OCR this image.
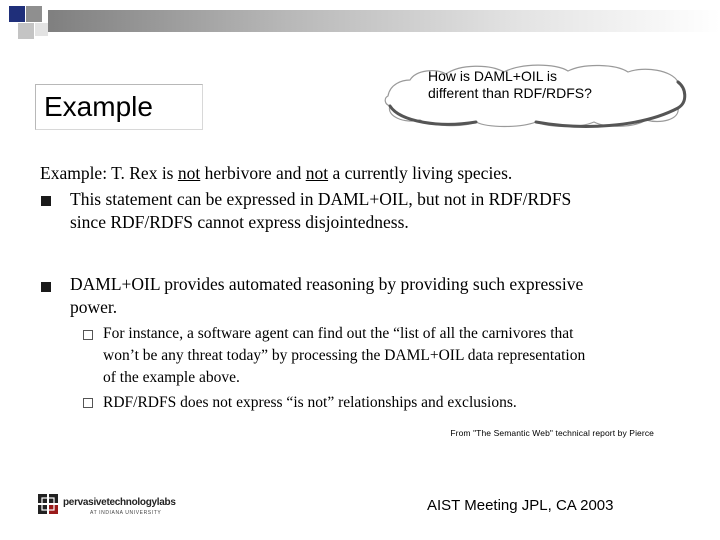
Example
How is DAML+OIL is
different than RDF/RDFS?
Example: T. Rex is not herbivore and not a currently living species.
This statement can be expressed in DAML+OIL, but not in RDF/RDFS
since RDF/RDFS cannot express disjointedness.
DAML+OIL provides automated reasoning by providing such expressive
power.
For instance, a software agent can find out the “list of all the carnivores that
won’t be any threat today” by processing the DAML+OIL data representation
of the example above.
RDF/RDFS does not express “is not” relationships and exclusions.
From "The Semantic Web" technical report by Pierce
pervasivetechnologylabs
AT INDIANA UNIVERSITY	AIST Meeting JPL, CA 2003
